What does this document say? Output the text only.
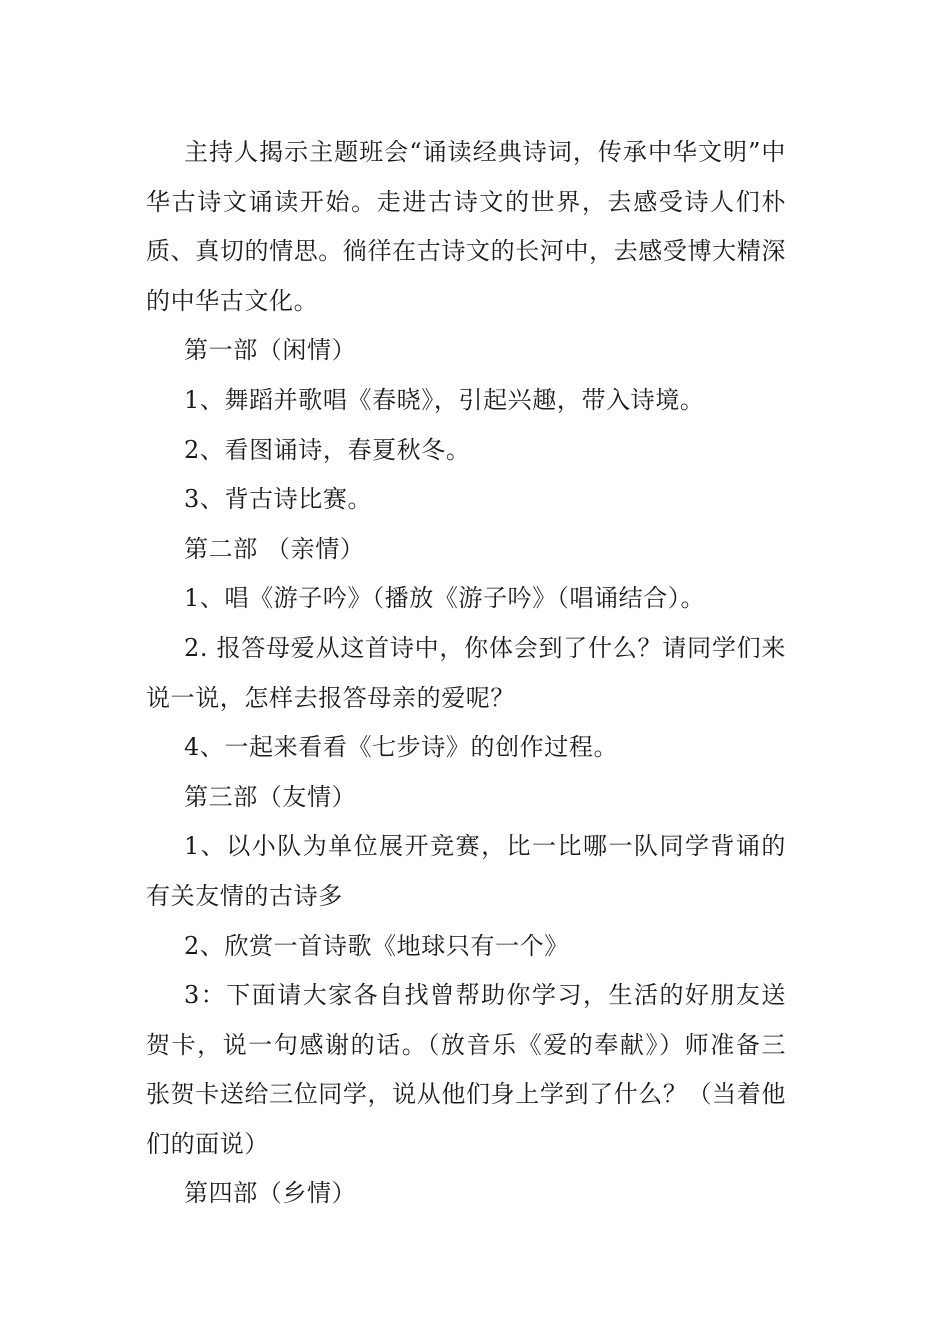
主持人揭示主题班会“诵读经典诗词，传承中华文明”中华古诗文诵读开始。走进古诗文的世界，去感受诗人们朴质、真切的情思。徜徉在古诗文的长河中，去感受博大精深的中华古文化。

第一部（闲情）

1、舞蹈并歌唱《春晓》，引起兴趣，带入诗境。

2、看图诵诗，春夏秋冬。

3、背古诗比赛。

第二部 （亲情）

1、唱《游子吟》（播放《游子吟》（唱诵结合）。

2. 报答母爱从这首诗中，你体会到了什么？请同学们来说一说，怎样去报答母亲的爱呢？

4、一起来看看《七步诗》的创作过程。

第三部（友情）

1、以小队为单位展开竞赛，比一比哪一队同学背诵的有关友情的古诗多

2、欣赏一首诗歌《地球只有一个》

3：下面请大家各自找曾帮助你学习，生活的好朋友送贺卡，说一句感谢的话。（放音乐《爱的奉献》）师准备三张贺卡送给三位同学，说从他们身上学到了什么？（当着他们的面说）

第四部（乡情）
